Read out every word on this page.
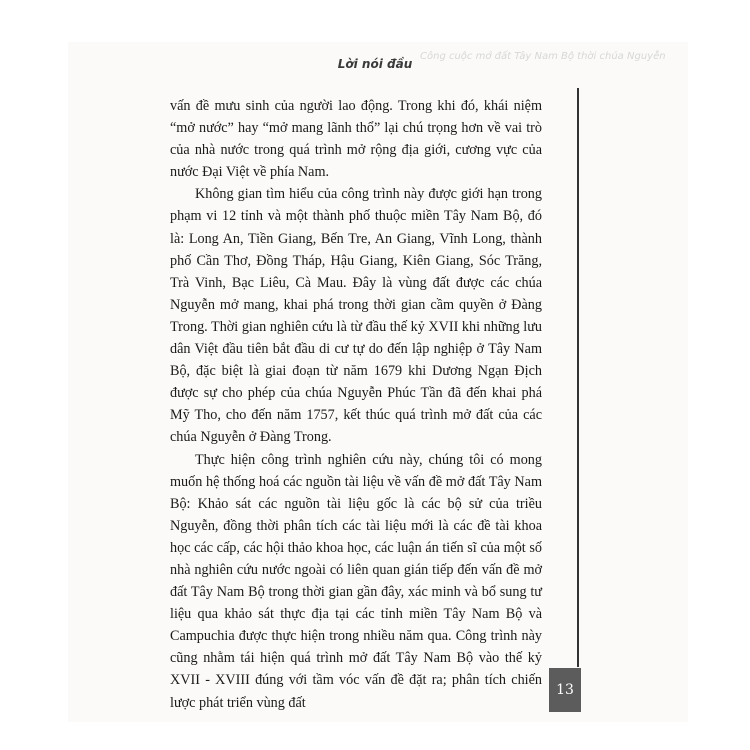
Công cuộc mở đất Tây Nam Bộ thời chúa Nguyễn
Lời nói đầu

vấn đề mưu sinh của người lao động. Trong khi đó, khái niệm “mở nước” hay “mở mang lãnh thổ” lại chú trọng hơn về vai trò của nhà nước trong quá trình mở rộng địa giới, cương vực của nước Đại Việt về phía Nam.

Không gian tìm hiểu của công trình này được giới hạn trong phạm vi 12 tỉnh và một thành phố thuộc miền Tây Nam Bộ, đó là: Long An, Tiền Giang, Bến Tre, An Giang, Vĩnh Long, thành phố Cần Thơ, Đồng Tháp, Hậu Giang, Kiên Giang, Sóc Trăng, Trà Vinh, Bạc Liêu, Cà Mau. Đây là vùng đất được các chúa Nguyễn mở mang, khai phá trong thời gian cầm quyền ở Đàng Trong. Thời gian nghiên cứu là từ đầu thế kỷ XVII khi những lưu dân Việt đầu tiên bắt đầu di cư tự do đến lập nghiệp ở Tây Nam Bộ, đặc biệt là giai đoạn từ năm 1679 khi Dương Ngạn Địch được sự cho phép của chúa Nguyễn Phúc Tần đã đến khai phá Mỹ Tho, cho đến năm 1757, kết thúc quá trình mở đất của các chúa Nguyễn ở Đàng Trong.

Thực hiện công trình nghiên cứu này, chúng tôi có mong muốn hệ thống hoá các nguồn tài liệu về vấn đề mở đất Tây Nam Bộ: Khảo sát các nguồn tài liệu gốc là các bộ sử của triều Nguyễn, đồng thời phân tích các tài liệu mới là các đề tài khoa học các cấp, các hội thảo khoa học, các luận án tiến sĩ của một số nhà nghiên cứu nước ngoài có liên quan gián tiếp đến vấn đề mở đất Tây Nam Bộ trong thời gian gần đây, xác minh và bổ sung tư liệu qua khảo sát thực địa tại các tỉnh miền Tây Nam Bộ và Campuchia được thực hiện trong nhiều năm qua. Công trình này cũng nhằm tái hiện quá trình mở đất Tây Nam Bộ vào thế kỷ XVII - XVIII đúng với tầm vóc vấn đề đặt ra; phân tích chiến lược phát triển vùng đất

13
